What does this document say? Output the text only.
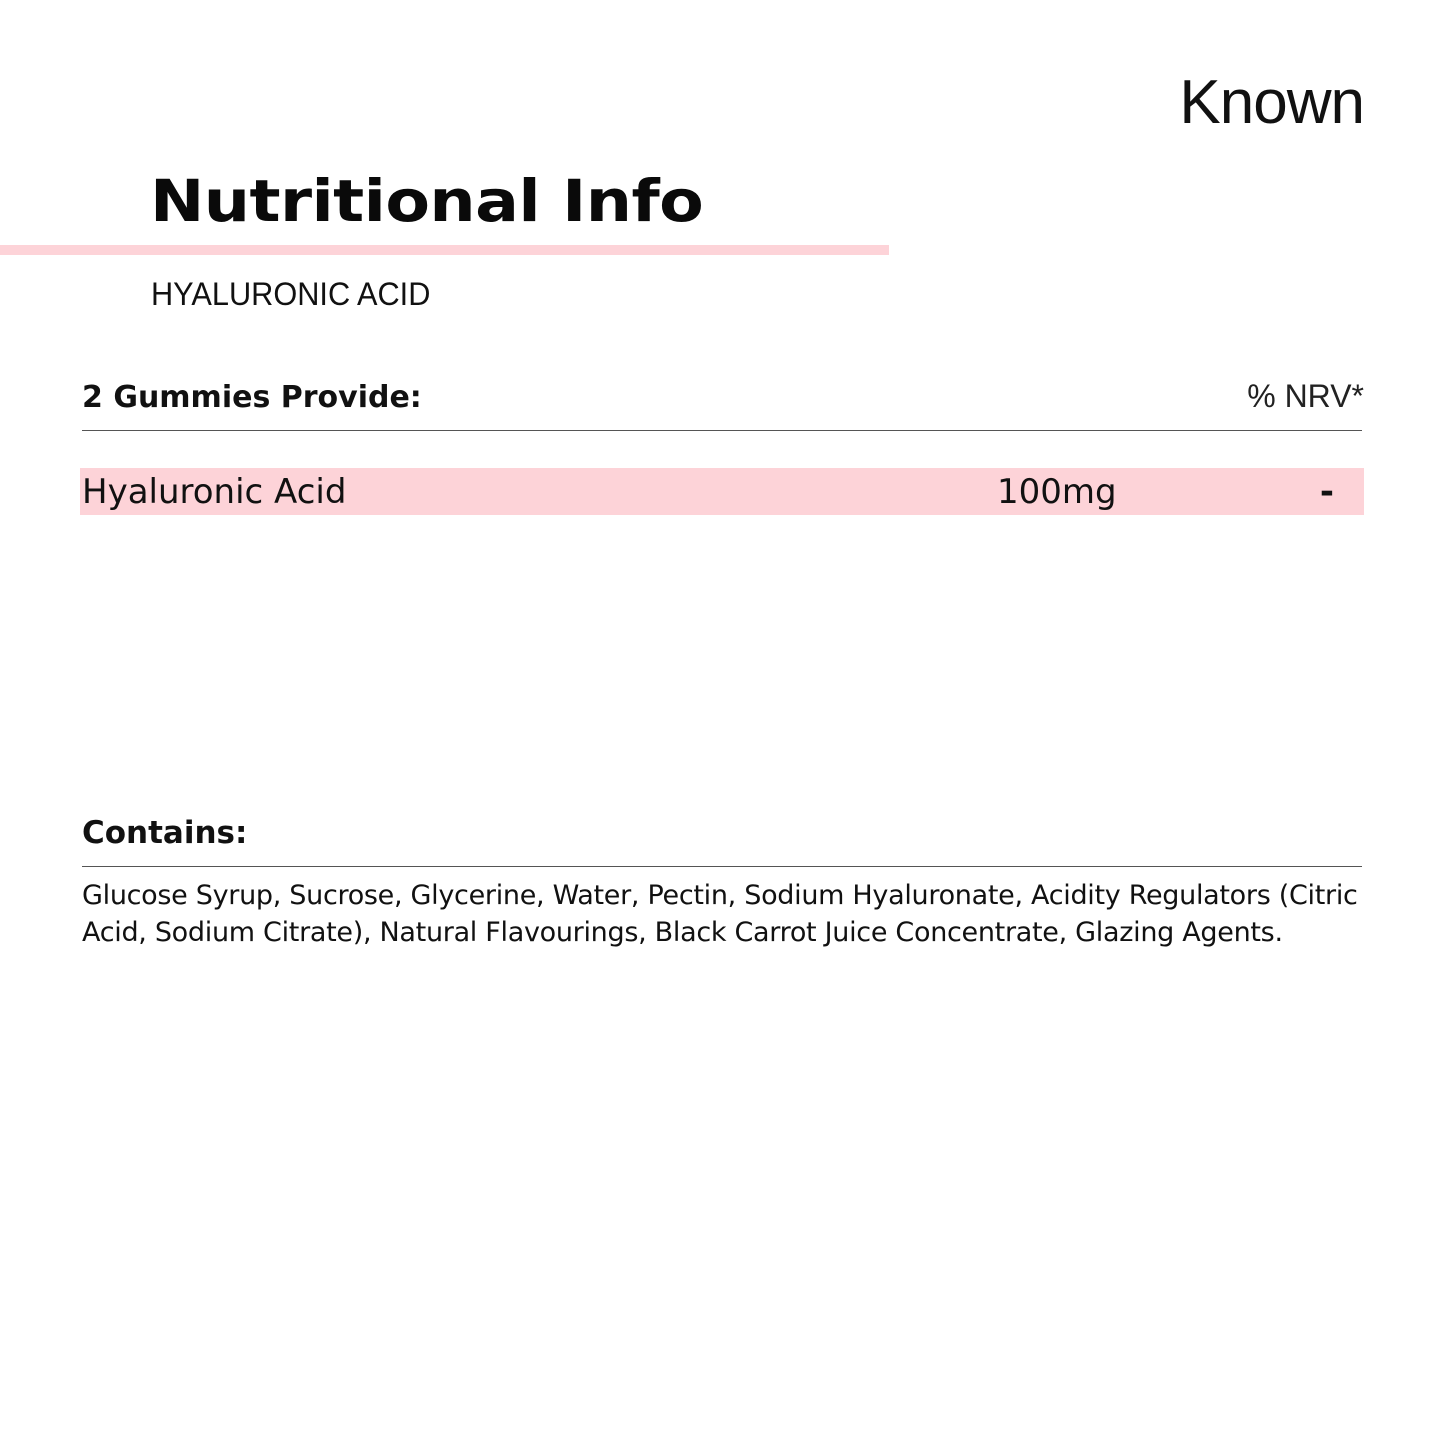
Known
Nutritional Info
HYALURONIC ACID
2 Gummies Provide:	% NRV*
Hyaluronic Acid	100mg	-
Contains:
Glucose Syrup, Sucrose, Glycerine, Water, Pectin, Sodium Hyaluronate, Acidity Regulators (Citric Acid, Sodium Citrate), Natural Flavourings, Black Carrot Juice Concentrate, Glazing Agents.
